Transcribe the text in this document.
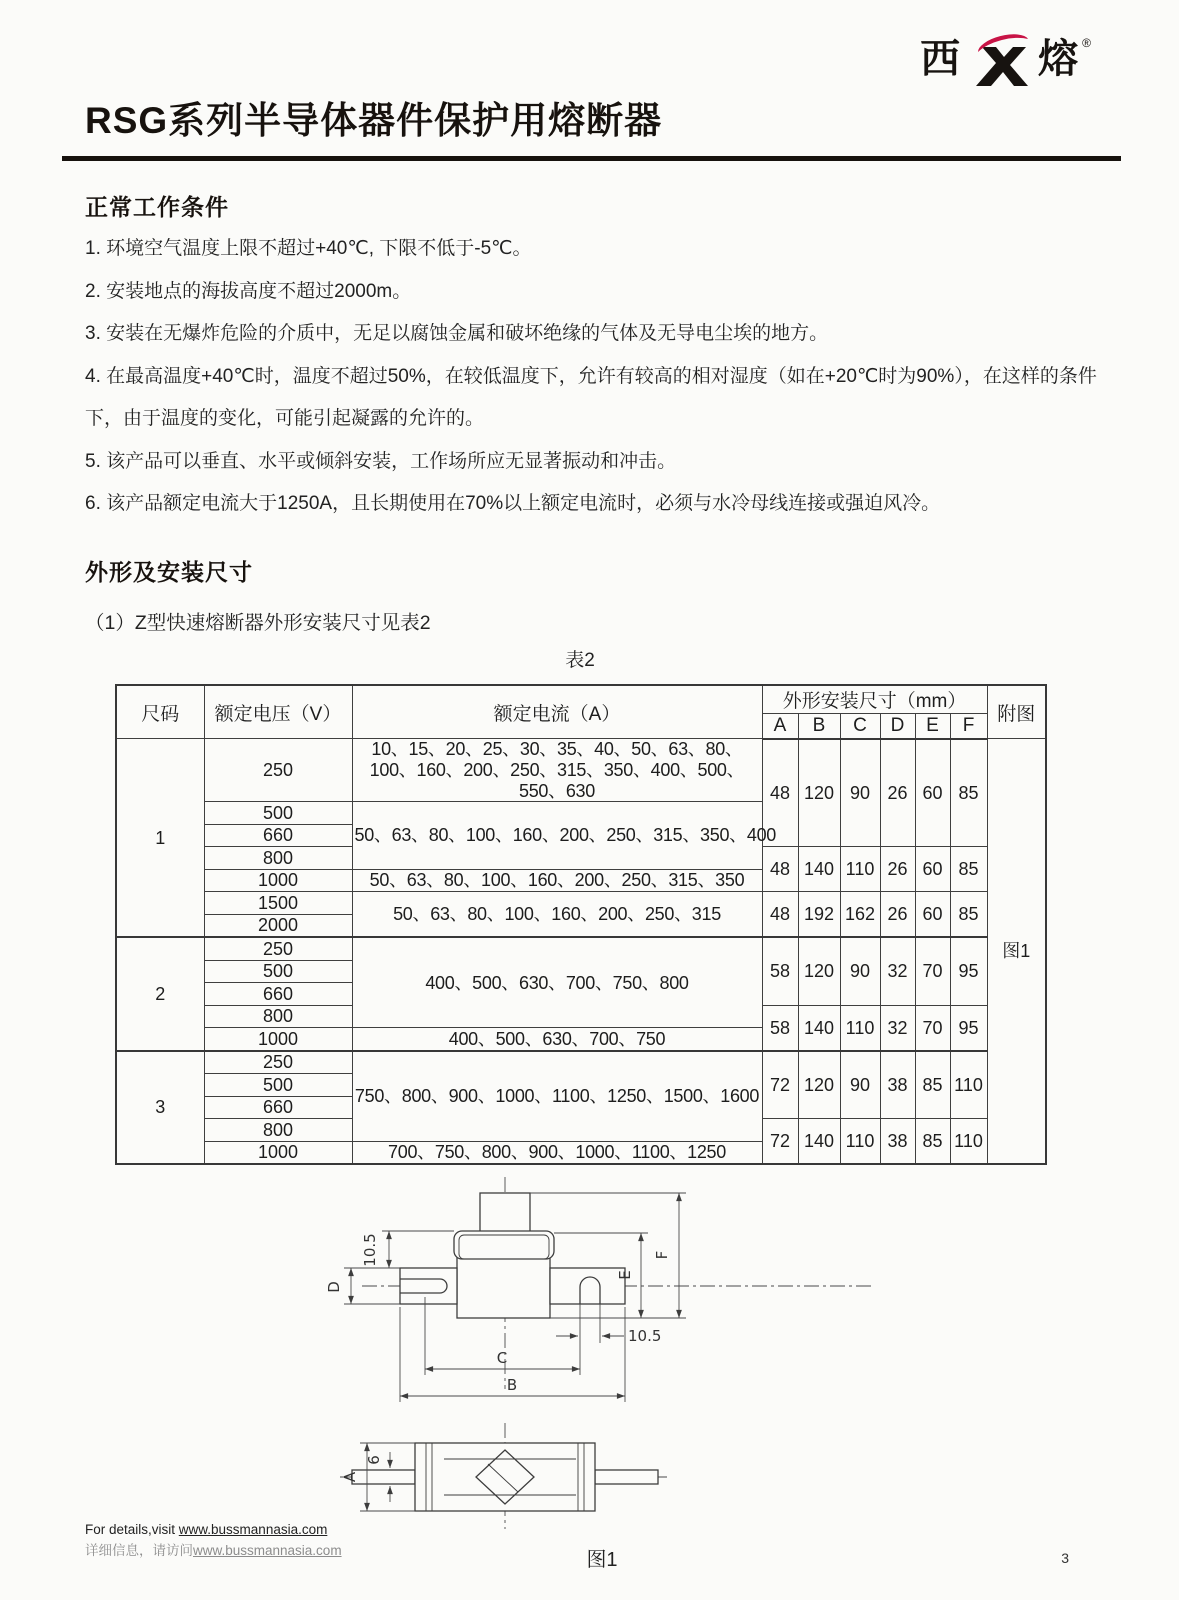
西 熔 ®
RSG系列半导体器件保护用熔断器
正常工作条件

1. 环境空气温度上限不超过+40℃, 下限不低于-5℃。

2. 安装地点的海拔高度不超过2000m。

3. 安装在无爆炸危险的介质中，无足以腐蚀金属和破坏绝缘的气体及无导电尘埃的地方。

4. 在最高温度+40℃时，温度不超过50%，在较低温度下，允许有较高的相对湿度（如在+20℃时为90%），在这样的条件下，由于温度的变化，可能引起凝露的允许的。

5. 该产品可以垂直、水平或倾斜安装，工作场所应无显著振动和冲击。

6. 该产品额定电流大于1250A，且长期使用在70%以上额定电流时，必须与水冷母线连接或强迫风冷。

外形及安装尺寸

（1）Z型快速熔断器外形安装尺寸见表2

表2
尺码	额定电压（V）	额定电流（A）	外形安装尺寸（mm）						附图
			A	B	C	D	E	F	
1	250	10、15、20、25、30、35、40、50、63、80、100、160、200、250、315、350、400、500、550、630	48	120	90	26	60	85	图1
	500	50、63、80、100、160、200、250、315、350、400							
	660								
	800		48	140	110	26	60	85	
	1000	50、63、80、100、160、200、250、315、350							
	1500	50、63、80、100、160、200、250、315	48	192	162	26	60	85	
	2000								
2	250	400、500、630、700、750、800	58	120	90	32	70	95	
	500								
	660								
	800		58	140	110	32	70	95	
	1000	400、500、630、700、750							
3	250	750、800、900、1000、1100、1250、1500、1600	72	120	90	38	85	110	
	500								
	660								
	800		72	140	110	38	85	110	
	1000	700、750、800、900、1000、1100、1250							
10.5
10.5
D
E
F
C
B
A
6
图1
For details,visit www.bussmannasia.com
详细信息，请访问www.bussmannasia.com	3
